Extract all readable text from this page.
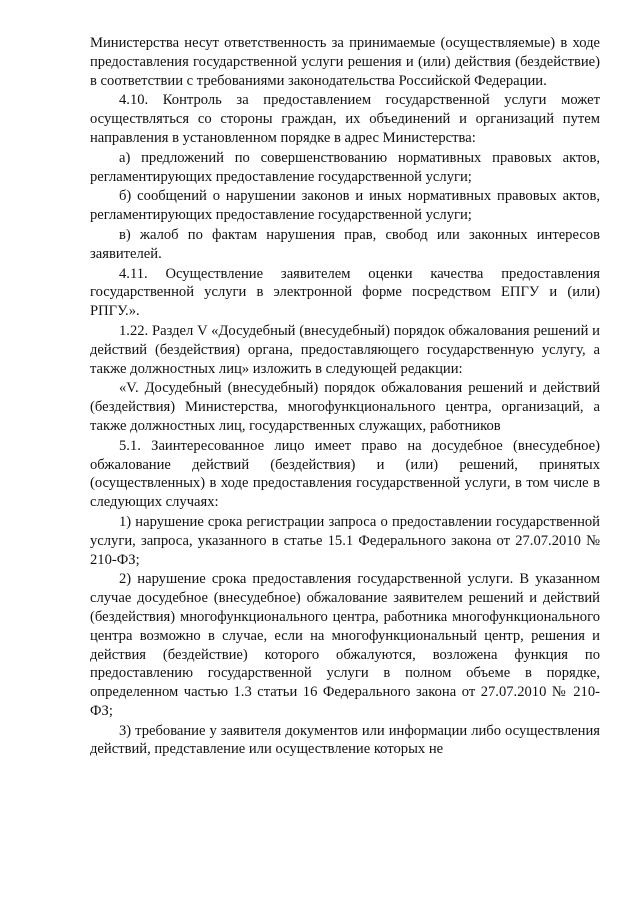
Министерства несут ответственность за принимаемые (осуществляемые) в ходе предоставления государственной услуги решения и (или) действия (бездействие) в соответствии с требованиями законодательства Российской Федерации.

4.10. Контроль за предоставлением государственной услуги может осуществляться со стороны граждан, их объединений и организаций путем направления в установленном порядке в адрес Министерства:

а) предложений по совершенствованию нормативных правовых актов, регламентирующих предоставление государственной услуги;

б) сообщений о нарушении законов и иных нормативных правовых актов, регламентирующих предоставление государственной услуги;

в) жалоб по фактам нарушения прав, свобод или законных интересов заявителей.

4.11. Осуществление заявителем оценки качества предоставления государственной услуги в электронной форме посредством ЕПГУ и (или) РПГУ.».

1.22. Раздел V «Досудебный (внесудебный) порядок обжалования решений и действий (бездействия) органа, предоставляющего государственную услугу, а также должностных лиц» изложить в следующей редакции:

«V. Досудебный (внесудебный) порядок обжалования решений и действий (бездействия) Министерства, многофункционального центра, организаций, а также должностных лиц, государственных служащих, работников

5.1. Заинтересованное лицо имеет право на досудебное (внесудебное) обжалование действий (бездействия) и (или) решений, принятых (осуществленных) в ходе предоставления государственной услуги, в том числе в следующих случаях:

1) нарушение срока регистрации запроса о предоставлении государственной услуги, запроса, указанного в статье 15.1 Федерального закона от 27.07.2010 № 210-ФЗ;

2) нарушение срока предоставления государственной услуги. В указанном случае досудебное (внесудебное) обжалование заявителем решений и действий (бездействия) многофункционального центра, работника многофункционального центра возможно в случае, если на многофункциональный центр, решения и действия (бездействие) которого обжалуются, возложена функция по предоставлению государственной услуги в полном объеме в порядке, определенном частью 1.3 статьи 16 Федерального закона от 27.07.2010 № 210-ФЗ;

3) требование у заявителя документов или информации либо осуществления действий, представление или осуществление которых не
